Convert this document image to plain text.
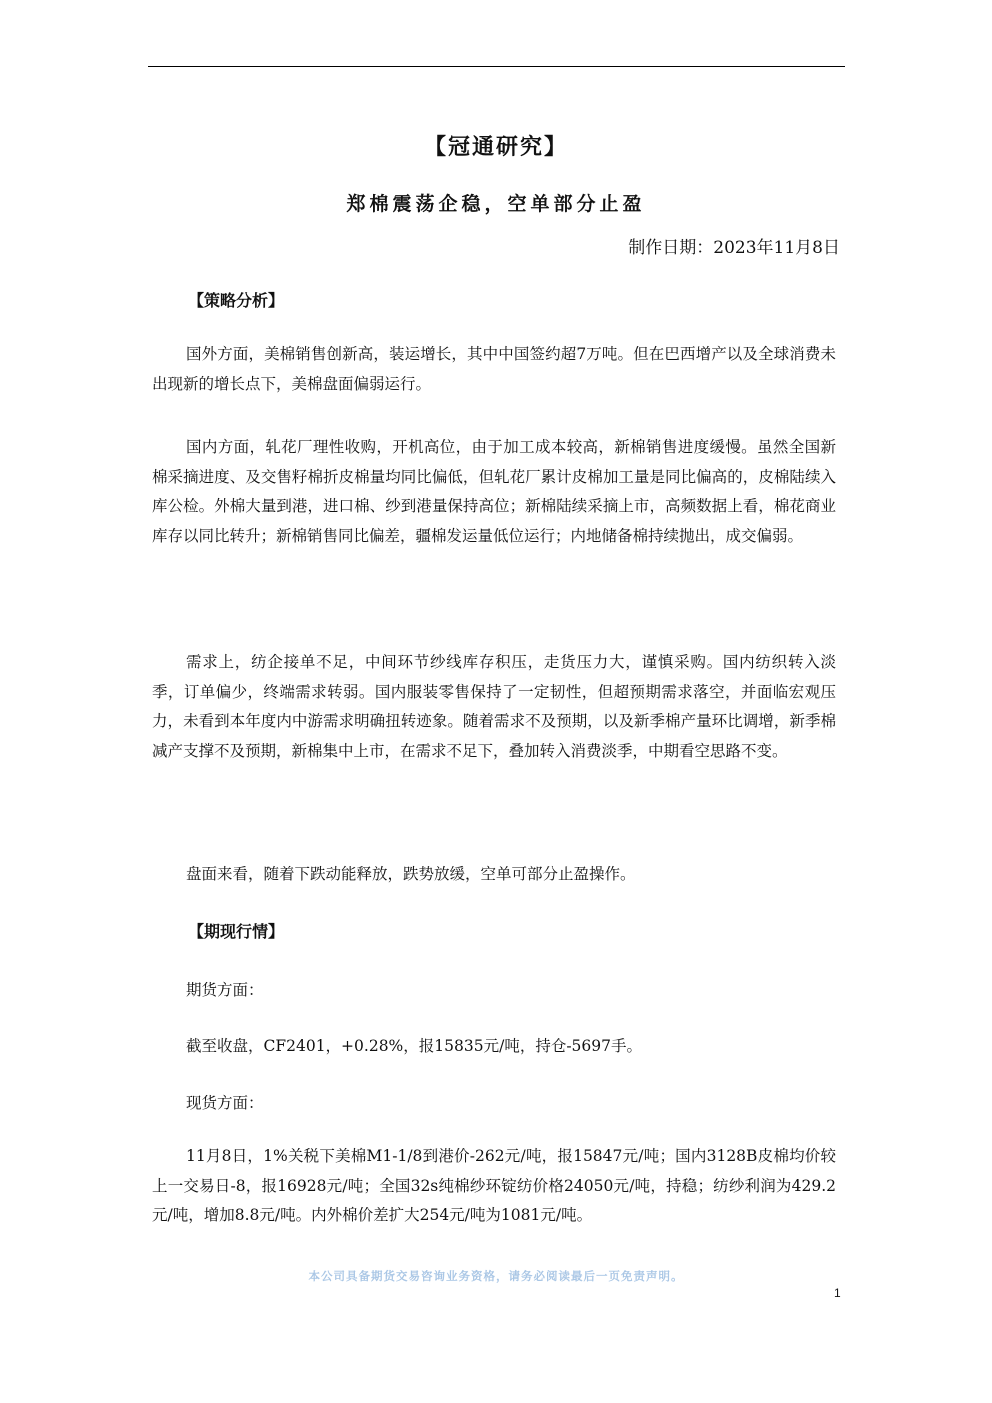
【冠通研究】
郑棉震荡企稳，空单部分止盈
制作日期：2023年11月8日
【策略分析】
国外方面，美棉销售创新高，装运增长，其中中国签约超7万吨。但在巴西增产以及全球消费未出现新的增长点下，美棉盘面偏弱运行。
国内方面，轧花厂理性收购，开机高位，由于加工成本较高，新棉销售进度缓慢。虽然全国新棉采摘进度、及交售籽棉折皮棉量均同比偏低，但轧花厂累计皮棉加工量是同比偏高的，皮棉陆续入库公检。外棉大量到港，进口棉、纱到港量保持高位；新棉陆续采摘上市，高频数据上看，棉花商业库存以同比转升；新棉销售同比偏差，疆棉发运量低位运行；内地储备棉持续抛出，成交偏弱。
需求上，纺企接单不足，中间环节纱线库存积压，走货压力大，谨慎采购。国内纺织转入淡季，订单偏少，终端需求转弱。国内服装零售保持了一定韧性，但超预期需求落空，并面临宏观压力，未看到本年度内中游需求明确扭转迹象。随着需求不及预期，以及新季棉产量环比调增，新季棉减产支撑不及预期，新棉集中上市，在需求不足下，叠加转入消费淡季，中期看空思路不变。
盘面来看，随着下跌动能释放，跌势放缓，空单可部分止盈操作。
【期现行情】
期货方面：
截至收盘，CF2401，+0.28%，报15835元/吨，持仓-5697手。
现货方面：
11月8日，1%关税下美棉M1-1/8到港价-262元/吨，报15847元/吨；国内3128B皮棉均价较上一交易日-8，报16928元/吨；全国32s纯棉纱环锭纺价格24050元/吨，持稳；纺纱利润为429.2元/吨，增加8.8元/吨。内外棉价差扩大254元/吨为1081元/吨。
本公司具备期货交易咨询业务资格，请务必阅读最后一页免责声明。
1
